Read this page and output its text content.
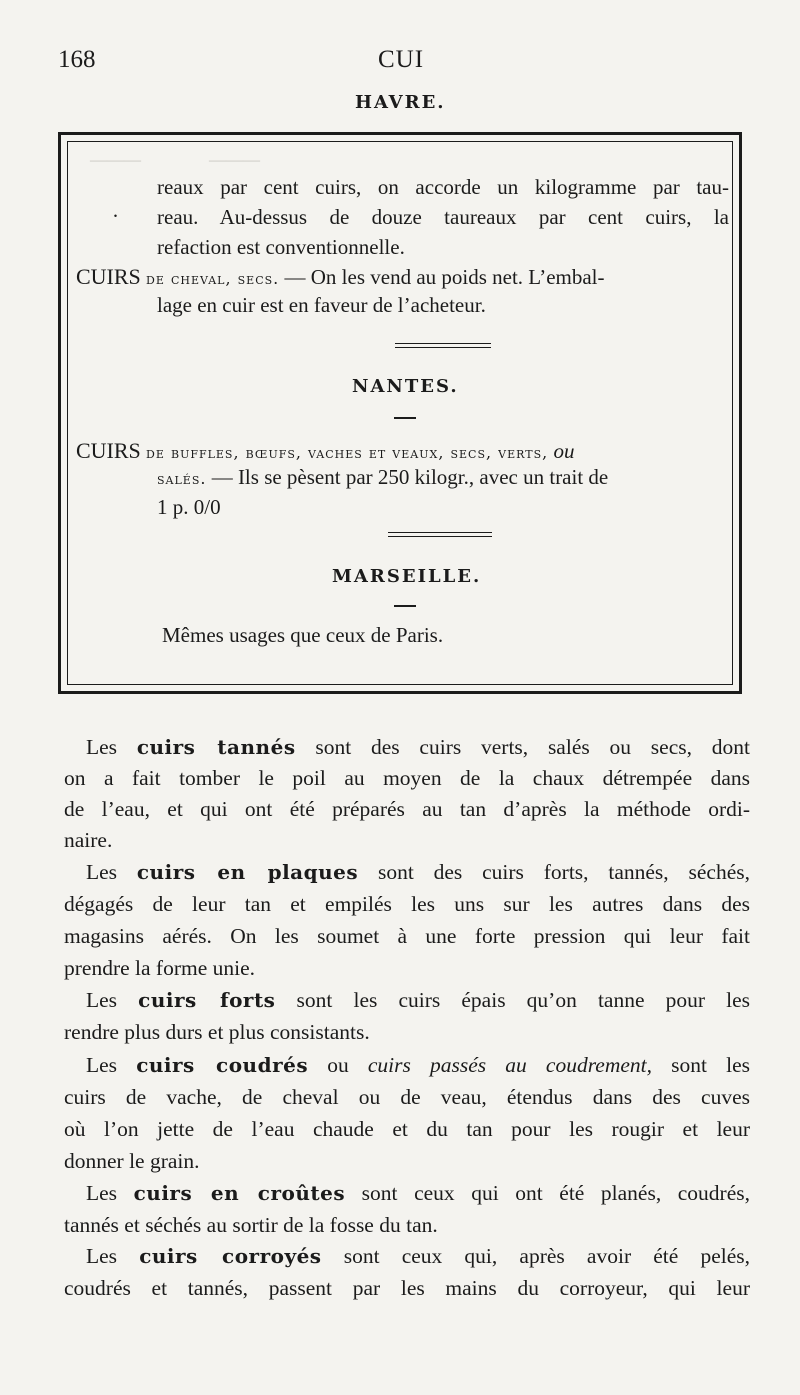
———                ———
168	CUI
HAVRE.
reaux par cent cuirs, on accorde un kilogramme par tau-
· reau. Au-dessus de douze taureaux par cent cuirs, la
refaction est conventionnelle.
CUIRS de cheval, secs. — On les vend au poids net. L’embal-
lage en cuir est en faveur de l’acheteur.
NANTES.
CUIRS de buffles, bœufs, vaches et veaux, secs, verts, ou
salés. — Ils se pèsent par 250 kilogr., avec un trait de
1 p. 0/0
MARSEILLE.
Mêmes usages que ceux de Paris.
Les cuirs tannés sont des cuirs verts, salés ou secs, dont
on a fait tomber le poil au moyen de la chaux détrempée dans
de l’eau, et qui ont été préparés au tan d’après la méthode ordi-
naire.
Les cuirs en plaques sont des cuirs forts, tannés, séchés,
dégagés de leur tan et empilés les uns sur les autres dans des
magasins aérés. On les soumet à une forte pression qui leur fait
prendre la forme unie.
Les cuirs forts sont les cuirs épais qu’on tanne pour les
rendre plus durs et plus consistants.
Les cuirs coudrés ou cuirs passés au coudrement, sont les
cuirs de vache, de cheval ou de veau, étendus dans des cuves
où l’on jette de l’eau chaude et du tan pour les rougir et leur
donner le grain.
Les cuirs en croûtes sont ceux qui ont été planés, coudrés,
tannés et séchés au sortir de la fosse du tan.
Les cuirs corroyés sont ceux qui, après avoir été pelés,
coudrés et tannés, passent par les mains du corroyeur, qui leur
